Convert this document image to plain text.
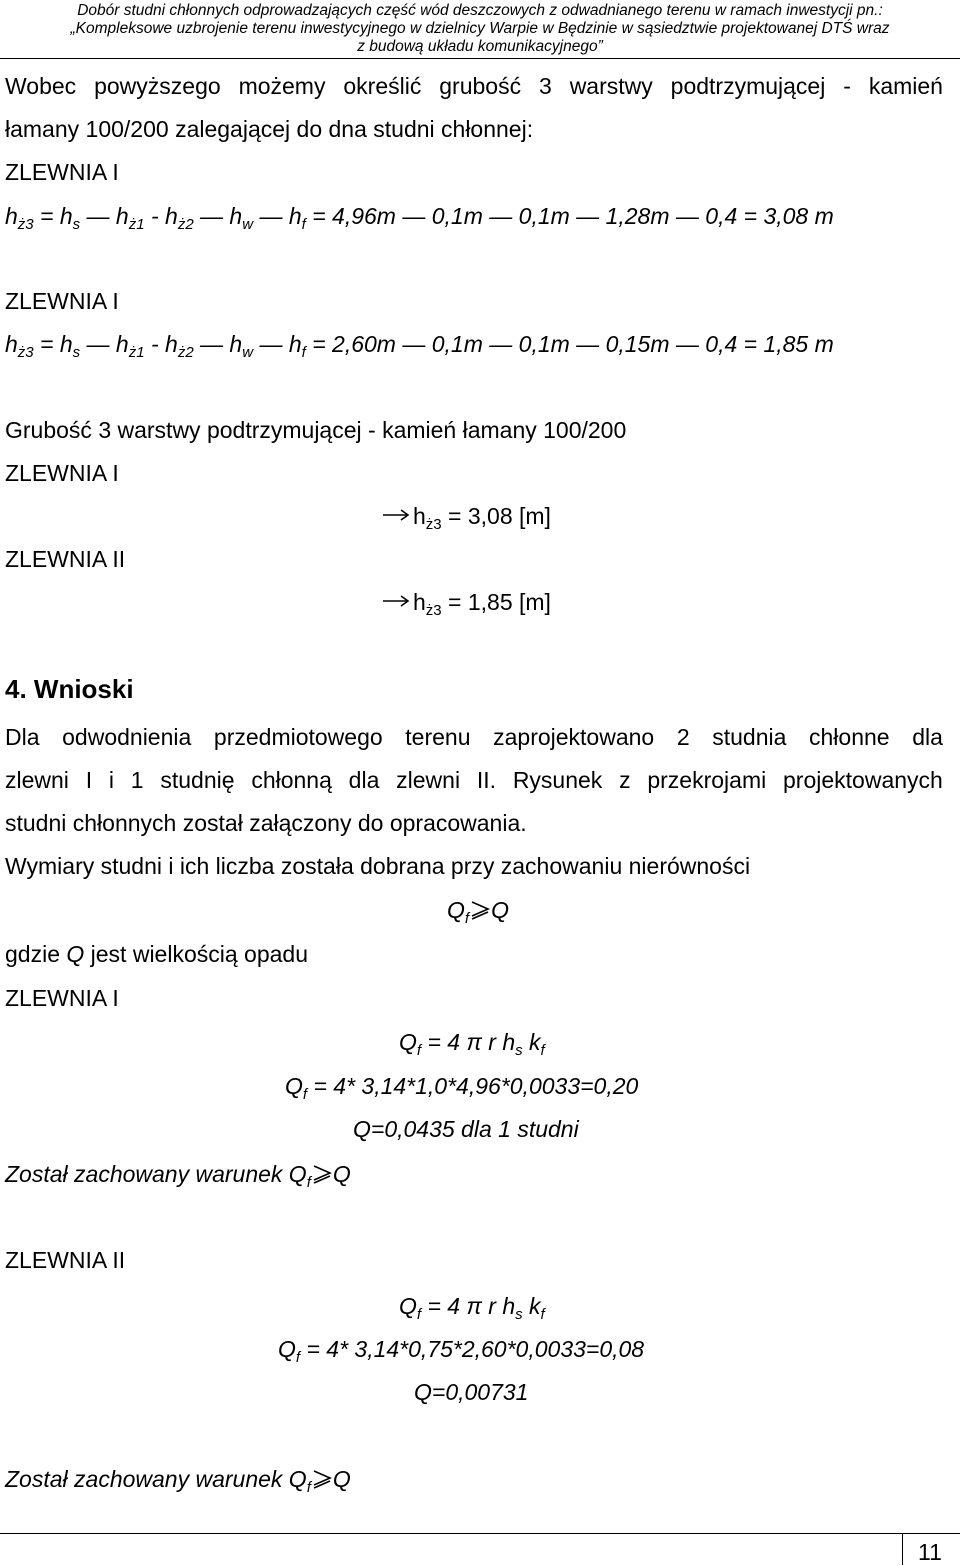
Dobór studni chłonnych odprowadzających część wód deszczowych z odwadnianego terenu w ramach inwestycji pn.:
„Kompleksowe uzbrojenie terenu inwestycyjnego w dzielnicy Warpie w Będzinie w sąsiedztwie projektowanej DTŚ wraz
z budową układu komunikacyjnego”
Wobec powyższego możemy określić grubość 3 warstwy podtrzymującej - kamień
łamany 100/200 zalegającej do dna studni chłonnej:
ZLEWNIA I
$h_{ż3} = h_s$ — $h_{ż1} - h_{ż2}$ — $h_w$ — $h_f = 4,96m$ — 0,1m — 0,1m — 1,28m — 0,4 = 3,08 m
ZLEWNIA I
$h_{ż3} = h_s$ — $h_{ż1} - h_{ż2}$ — $h_w$ — $h_f = 2,60m$ — 0,1m — 0,1m — 0,15m — 0,4 = 1,85 m
Grubość 3 warstwy podtrzymującej - kamień łamany 100/200
ZLEWNIA I
$h_{ż3} = 3,08$ [m]
ZLEWNIA II
$h_{ż3} = 1,85$ [m]
4. Wnioski
Dla odwodnienia przedmiotowego terenu zaprojektowano 2 studnia chłonne dla
zlewni I i 1 studnię chłonną dla zlewni II. Rysunek z przekrojami projektowanych
studni chłonnych został załączony do opracowania.
Wymiary studni i ich liczba została dobrana przy zachowaniu nierówności
$Q_f$ Q
gdzie Q jest wielkością opadu
ZLEWNIA I
$Q_f = 4$ π r $h_s$ $k_f$
$Q_f = 4*$ 3,14*1,0*4,96*0,0033=0,20
Q=0,0435 dla 1 studni
Został zachowany warunek $Q_f$ Q
ZLEWNIA II
$Q_f = 4$ π r $h_s$ $k_f$
$Q_f = 4*$ 3,14*0,75*2,60*0,0033=0,08
Q=0,00731
Został zachowany warunek $Q_f$ Q
11
